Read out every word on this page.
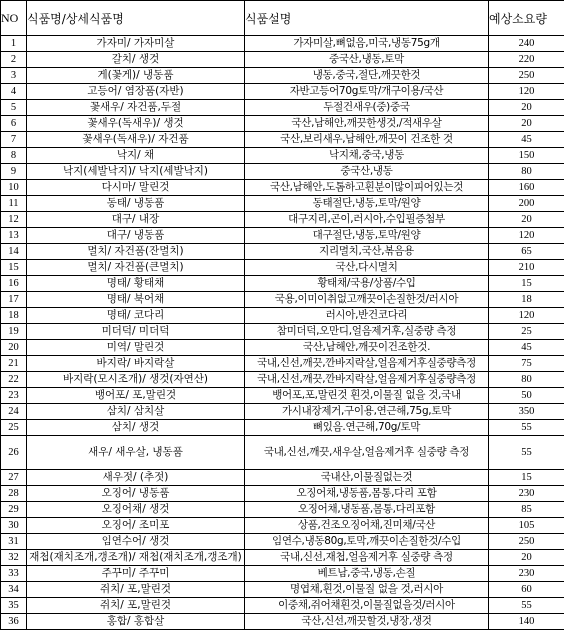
NO	식품명/상세식품명	식품설명	예상소요량
1	가자미/ 가자미살	가자미살,뼈없음,미국,냉동75g개	240
2	갈치/ 생것	중국산,냉동,토막	220
3	게(꽃게)/ 냉동품	냉동,중국,절단,깨끗한것	250
4	고등어/ 염장품(자반)	자반고등어70g토막/개구이용/국산	120
5	꽃새우/ 자건품,두절	두절건새우(중)중국	20
6	꽃새우(독새우)/ 생것	국산,남해안,깨끗한생것,/적새우살	20
7	꽃새우(독새우)/ 자건품	국산,보리새우,남해안,깨끗이 건조한 것	45
8	낙지/ 채	낙지채,중국,냉동	150
9	낙지(세발낙지)/ 낙지(세발낙지)	중국산,냉동	80
10	다시마/ 말린것	국산,남해안,도톰하고흰분이많이피어있는것	160
11	동태/ 냉동품	동태절단,냉동,토막/원양	200
12	대구/ 내장	대구지리,곤이,러시아,수입필증첨부	20
13	대구/ 냉동품	대구절단,냉동,토막/원양	120
14	멸치/ 자건품(잔멸치)	지리멸치,국산,볶음용	65
15	멸치/ 자건품(큰멸치)	국산,다시멸치	210
16	명태/ 황태채	황태채/국용/상품/수입	15
17	명태/ 북어채	국용,이미이취없고깨끗이손질한것/러시아	18
18	명태/ 코다리	러시아,반건코다리	120
19	미더덕/ 미더덕	참미더덕,오만디,얼음제거후,실중량 측정	25
20	미역/ 말린것	국산,남해안,깨끗이건조한것.	45
21	바지락/ 바지락살	국내,신선,깨끗,깐바지락살,얼음제거후실중량측정	75
22	바지락(모시조개)/ 생것(자연산)	국내,신선,깨끗,깐바지락살,얼음제거후실중량측정	80
23	뱅어포/ 포,말린것	뱅어포,포,말린것 흰것,이물질 없을 것,국내	50
24	삼치/ 삼치살	가시내장제거,구이용,연근해,75g,토막	350
25	삼치/ 생것	뼈있음.연근해,70g/토막	55
26	새우/ 새우살, 냉동품	국내,신선,깨끗,새우살,얼음제거후 실중량 측정	55
27	새우젓/ (추젓)	국내산,이물질없는것	15
28	오징어/ 냉동품	오징어채,냉동품,몸통,다리 포함	230
29	오징어채/ 생것	오징어채,냉동품,몸통,다리포함	85
30	오징어/ 조미포	상품,건조오징어채,진미채/국산	105
31	임연수어/ 생것	임연수,냉동80g,토막,깨끗이손질한것/수입	250
32	재첩(재치조개,갱조개)/ 재첩(재치조개,갱조개)	국내,신선,재첩,얼음제거후 실중량 측정	20
33	주꾸미/ 주꾸미	베트남,중국,냉동,손질	230
34	쥐치/ 포,말린것	명엽채,흰것,이물질 없을 것,러시아	60
35	쥐치/ 포,말린것	이중채,쥐어채흰것,이물질없을것/러시아	55
36	홍합/ 홍합살	국산,신선,깨끗할것,냉장,생것	140
